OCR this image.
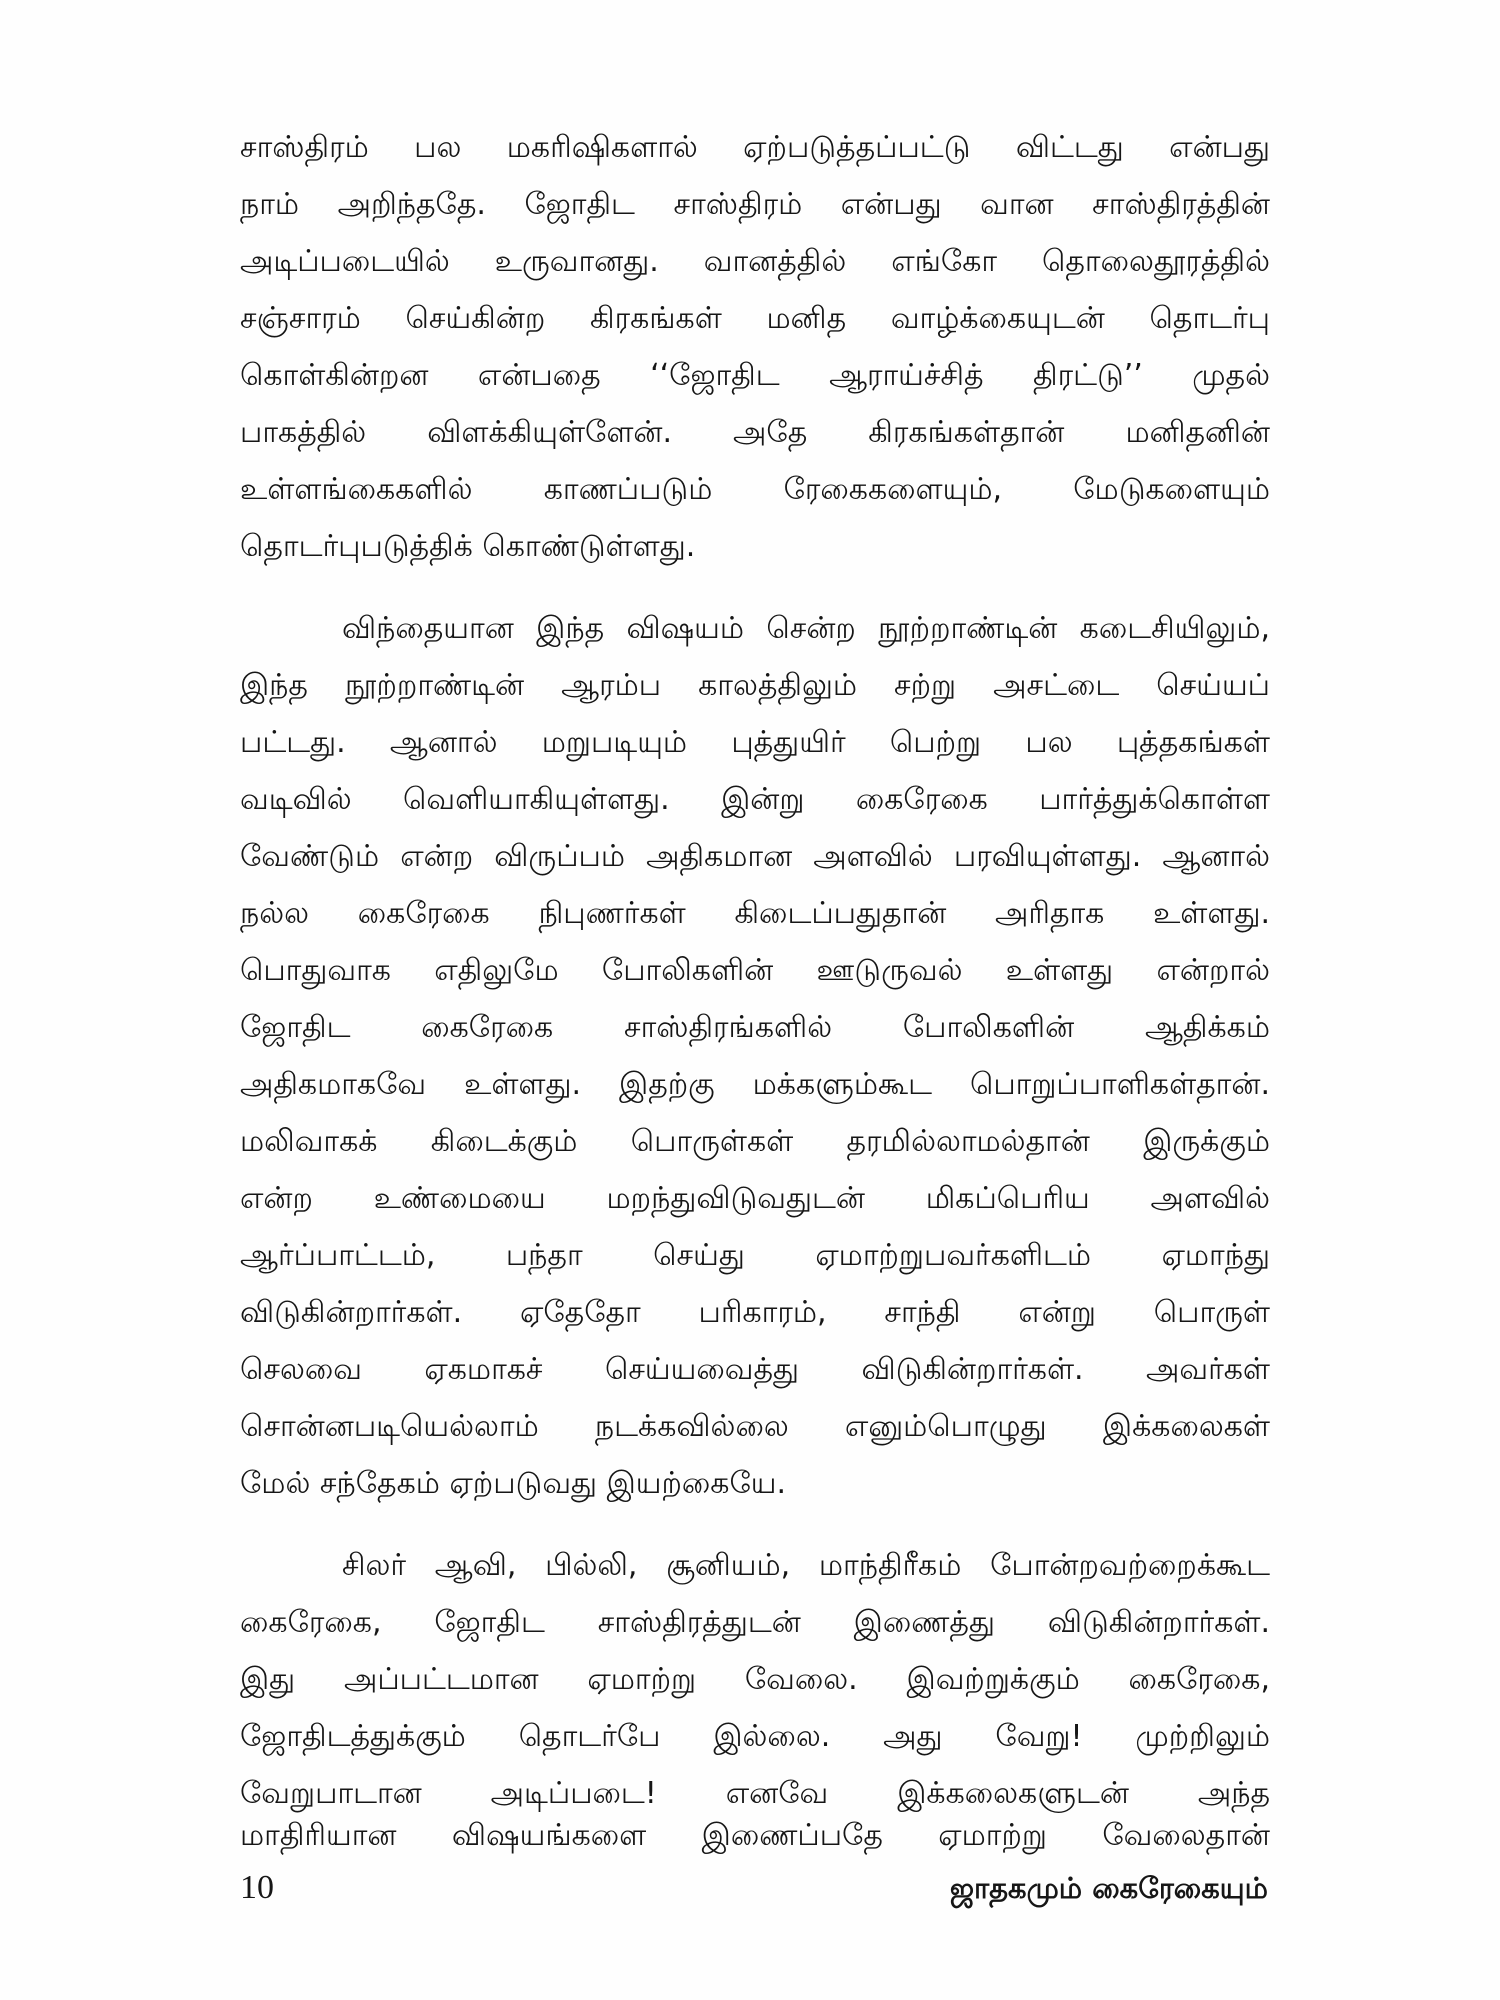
சாஸ்திரம் பல மகரிஷிகளால் ஏற்படுத்தப்பட்டு விட்டது என்பது
நாம் அறிந்ததே. ஜோதிட சாஸ்திரம் என்பது வான சாஸ்திரத்தின்
அடிப்படையில் உருவானது. வானத்தில் எங்கோ தொலைதூரத்தில்
சஞ்சாரம் செய்கின்ற கிரகங்கள் மனித வாழ்க்கையுடன் தொடர்பு
கொள்கின்றன என்பதை ‘‘ஜோதிட ஆராய்ச்சித் திரட்டு’’ முதல்
பாகத்தில் விளக்கியுள்ளேன். அதே கிரகங்கள்தான் மனிதனின்
உள்ளங்கைகளில் காணப்படும் ரேகைகளையும், மேடுகளையும்
தொடர்புபடுத்திக் கொண்டுள்ளது.
விந்தையான இந்த விஷயம் சென்ற நூற்றாண்டின் கடைசியிலும்,
இந்த நூற்றாண்டின் ஆரம்ப காலத்திலும் சற்று அசட்டை செய்யப்
பட்டது. ஆனால் மறுபடியும் புத்துயிர் பெற்று பல புத்தகங்கள்
வடிவில் வெளியாகியுள்ளது. இன்று கைரேகை பார்த்துக்கொள்ள
வேண்டும் என்ற விருப்பம் அதிகமான அளவில் பரவியுள்ளது. ஆனால்
நல்ல கைரேகை நிபுணர்கள் கிடைப்பதுதான் அரிதாக உள்ளது.
பொதுவாக எதிலுமே போலிகளின் ஊடுருவல் உள்ளது என்றால்
ஜோதிட கைரேகை சாஸ்திரங்களில் போலிகளின் ஆதிக்கம்
அதிகமாகவே உள்ளது. இதற்கு மக்களும்கூட பொறுப்பாளிகள்தான்.
மலிவாகக் கிடைக்கும் பொருள்கள் தரமில்லாமல்தான் இருக்கும்
என்ற உண்மையை மறந்துவிடுவதுடன் மிகப்பெரிய அளவில்
ஆர்ப்பாட்டம், பந்தா செய்து ஏமாற்றுபவர்களிடம் ஏமாந்து
விடுகின்றார்கள். ஏதேதோ பரிகாரம், சாந்தி என்று பொருள்
செலவை ஏகமாகச் செய்யவைத்து விடுகின்றார்கள். அவர்கள்
சொன்னபடியெல்லாம் நடக்கவில்லை எனும்பொழுது இக்கலைகள்
மேல் சந்தேகம் ஏற்படுவது இயற்கையே.
சிலர் ஆவி, பில்லி, சூனியம், மாந்திரீகம் போன்றவற்றைக்கூட
கைரேகை, ஜோதிட சாஸ்திரத்துடன் இணைத்து விடுகின்றார்கள்.
இது அப்பட்டமான ஏமாற்று வேலை. இவற்றுக்கும் கைரேகை,
ஜோதிடத்துக்கும் தொடர்பே இல்லை. அது வேறு! முற்றிலும்
வேறுபாடான அடிப்படை! எனவே இக்கலைகளுடன் அந்த
மாதிரியான விஷயங்களை இணைப்பதே ஏமாற்று வேலைதான்
10	ஜாதகமும் கைரேகையும்
